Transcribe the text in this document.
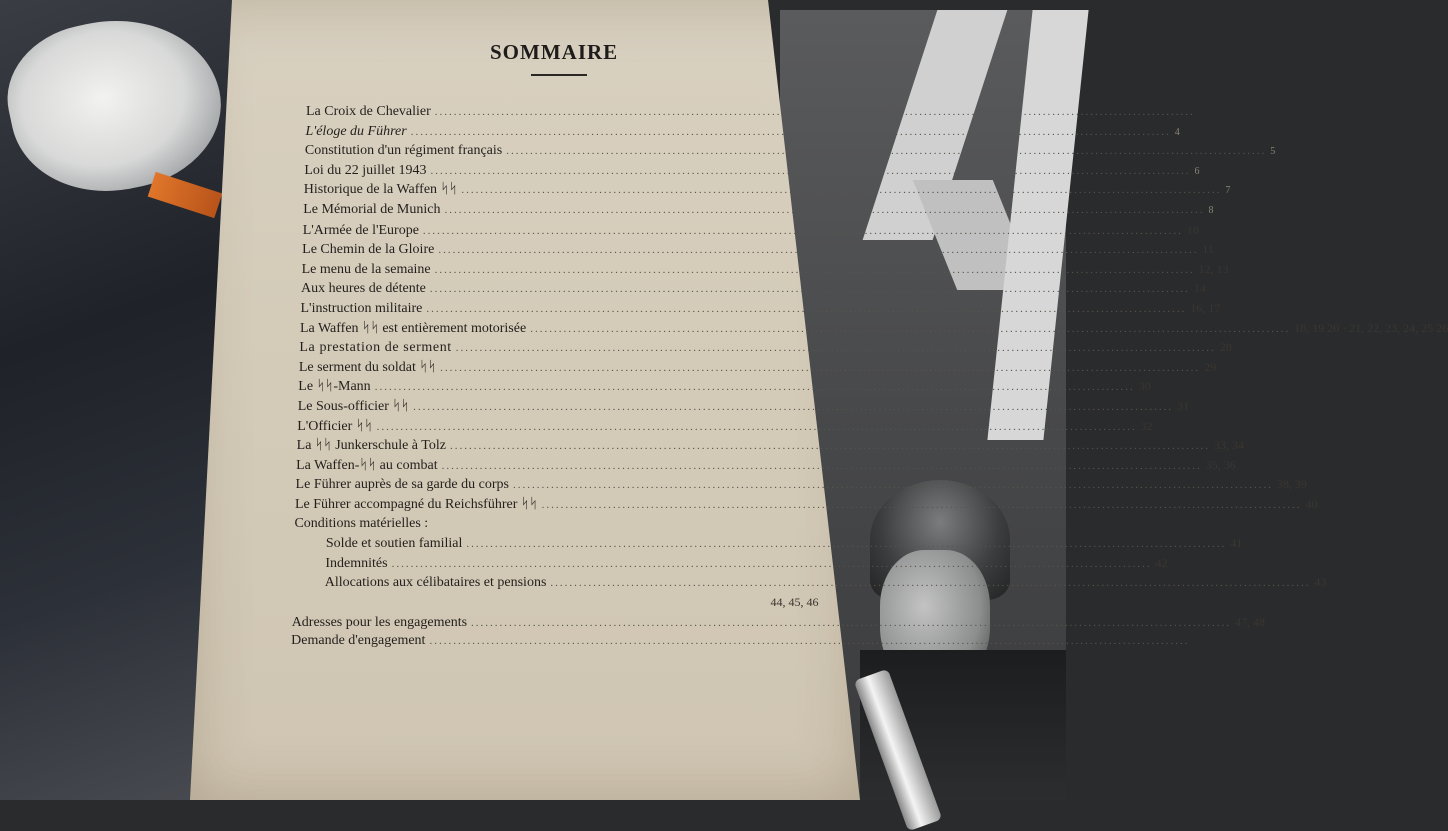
SOMMAIRE
La Croix de Chevalier ................................................................................................................................................................
L'éloge du Führer ................................................................................................................................................................ 4
Constitution d'un régiment français ................................................................................................................................................................ 5
Loi du 22 juillet 1943 ................................................................................................................................................................ 6
Historique de la Waffen ᛋᛋ ................................................................................................................................................................ 7
Le Mémorial de Munich ................................................................................................................................................................ 8
L'Armée de l'Europe ................................................................................................................................................................ 10
Le Chemin de la Gloire ................................................................................................................................................................ 11
Le menu de la semaine ................................................................................................................................................................ 12, 13
Aux heures de détente ................................................................................................................................................................ 14
L'instruction militaire ................................................................................................................................................................ 16, 17
La Waffen ᛋᛋ est entièrement motorisée ................................................................................................................................................................ 18, 19 20 · 21, 22, 23, 24, 25 26
La prestation de serment ................................................................................................................................................................ 28
Le serment du soldat ᛋᛋ ................................................................................................................................................................ 29
Le ᛋᛋ-Mann ................................................................................................................................................................ 30
Le Sous-officier ᛋᛋ ................................................................................................................................................................ 31
L'Officier ᛋᛋ ................................................................................................................................................................ 32
La ᛋᛋ Junkerschule à Tolz ................................................................................................................................................................ 33, 34
La Waffen-ᛋᛋ au combat ................................................................................................................................................................ 35, 36
Le Führer auprès de sa garde du corps ................................................................................................................................................................ 38, 39
Le Führer accompagné du Reichsführer ᛋᛋ ................................................................................................................................................................ 40
Conditions matérielles :
Solde et soutien familial ................................................................................................................................................................ 41
Indemnités ................................................................................................................................................................ 42
Allocations aux célibataires et pensions ................................................................................................................................................................ 43
44, 45, 46
Adresses pour les engagements ................................................................................................................................................................ 47, 48
Demande d'engagement ................................................................................................................................................................
